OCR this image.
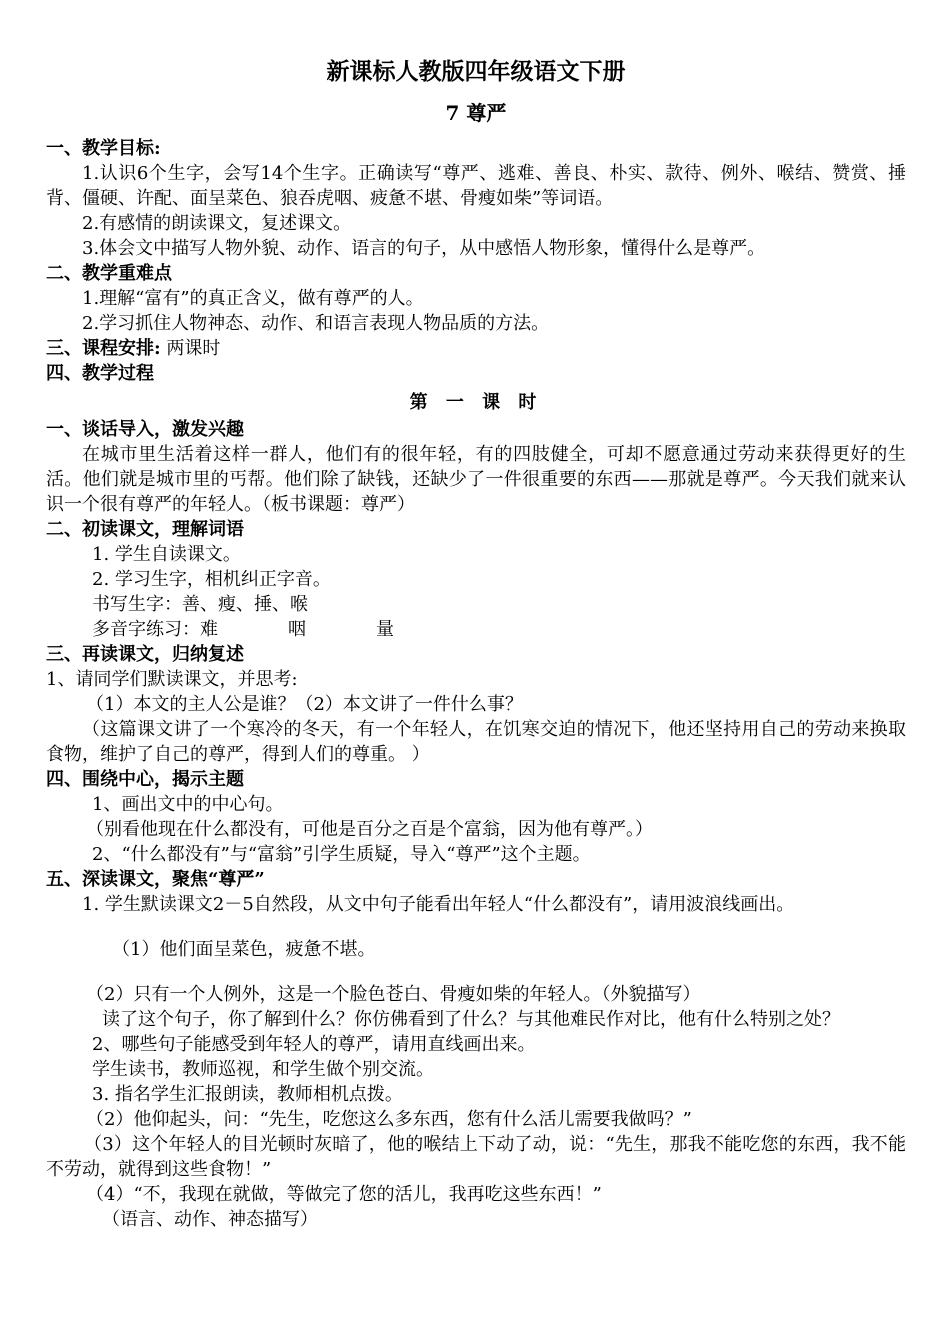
新课标人教版四年级语文下册
7 尊严
一、教学目标:
1.认识6个生字，会写14个生字。正确读写“尊严、逃难、善良、朴实、款待、例外、喉结、赞赏、捶背、僵硬、许配、面呈菜色、狼吞虎咽、疲惫不堪、骨瘦如柴”等词语。
2.有感情的朗读课文，复述课文。
3.体会文中描写人物外貌、动作、语言的句子，从中感悟人物形象，懂得什么是尊严。
二、教学重难点
1.理解“富有”的真正含义，做有尊严的人。
2.学习抓住人物神态、动作、和语言表现人物品质的方法。
三、课程安排: 两课时
四、教学过程
第 一 课 时
一、谈话导入，激发兴趣
在城市里生活着这样一群人，他们有的很年轻，有的四肢健全，可却不愿意通过劳动来获得更好的生活。他们就是城市里的丐帮。他们除了缺钱，还缺少了一件很重要的东西——那就是尊严。今天我们就来认识一个很有尊严的年轻人。（板书课题：尊严）
二、初读课文，理解词语
1. 学生自读课文。
2. 学习生字，相机纠正字音。
书写生字：善、瘦、捶、喉
多音字练习：难	咽	量
三、再读课文，归纳复述
1、请同学们默读课文，并思考:
（1）本文的主人公是谁？（2）本文讲了一件什么事？
（这篇课文讲了一个寒冷的冬天，有一个年轻人，在饥寒交迫的情况下，他还坚持用自己的劳动来换取食物，维护了自己的尊严，得到人们的尊重。 ）
四、围绕中心，揭示主题
1、画出文中的中心句。
（别看他现在什么都没有，可他是百分之百是个富翁，因为他有尊严。）
2、“什么都没有”与“富翁”引学生质疑，导入“尊严”这个主题。
五、深读课文，聚焦“尊严”
1. 学生默读课文2－5自然段，从文中句子能看出年轻人“什么都没有”，请用波浪线画出。
（1）他们面呈菜色，疲惫不堪。
（2）只有一个人例外，这是一个脸色苍白、骨瘦如柴的年轻人。（外貌描写）
读了这个句子，你了解到什么？你仿佛看到了什么？与其他难民作对比，他有什么特别之处？
2、哪些句子能感受到年轻人的尊严，请用直线画出来。
学生读书，教师巡视，和学生做个别交流。
3. 指名学生汇报朗读，教师相机点拨。
（2）他仰起头，问：“先生，吃您这么多东西，您有什么活儿需要我做吗？”
（3）这个年轻人的目光顿时灰暗了，他的喉结上下动了动，说：“先生，那我不能吃您的东西，我不能不劳动，就得到这些食物！”
（4）“不，我现在就做，等做完了您的活儿，我再吃这些东西！”
（语言、动作、神态描写）
